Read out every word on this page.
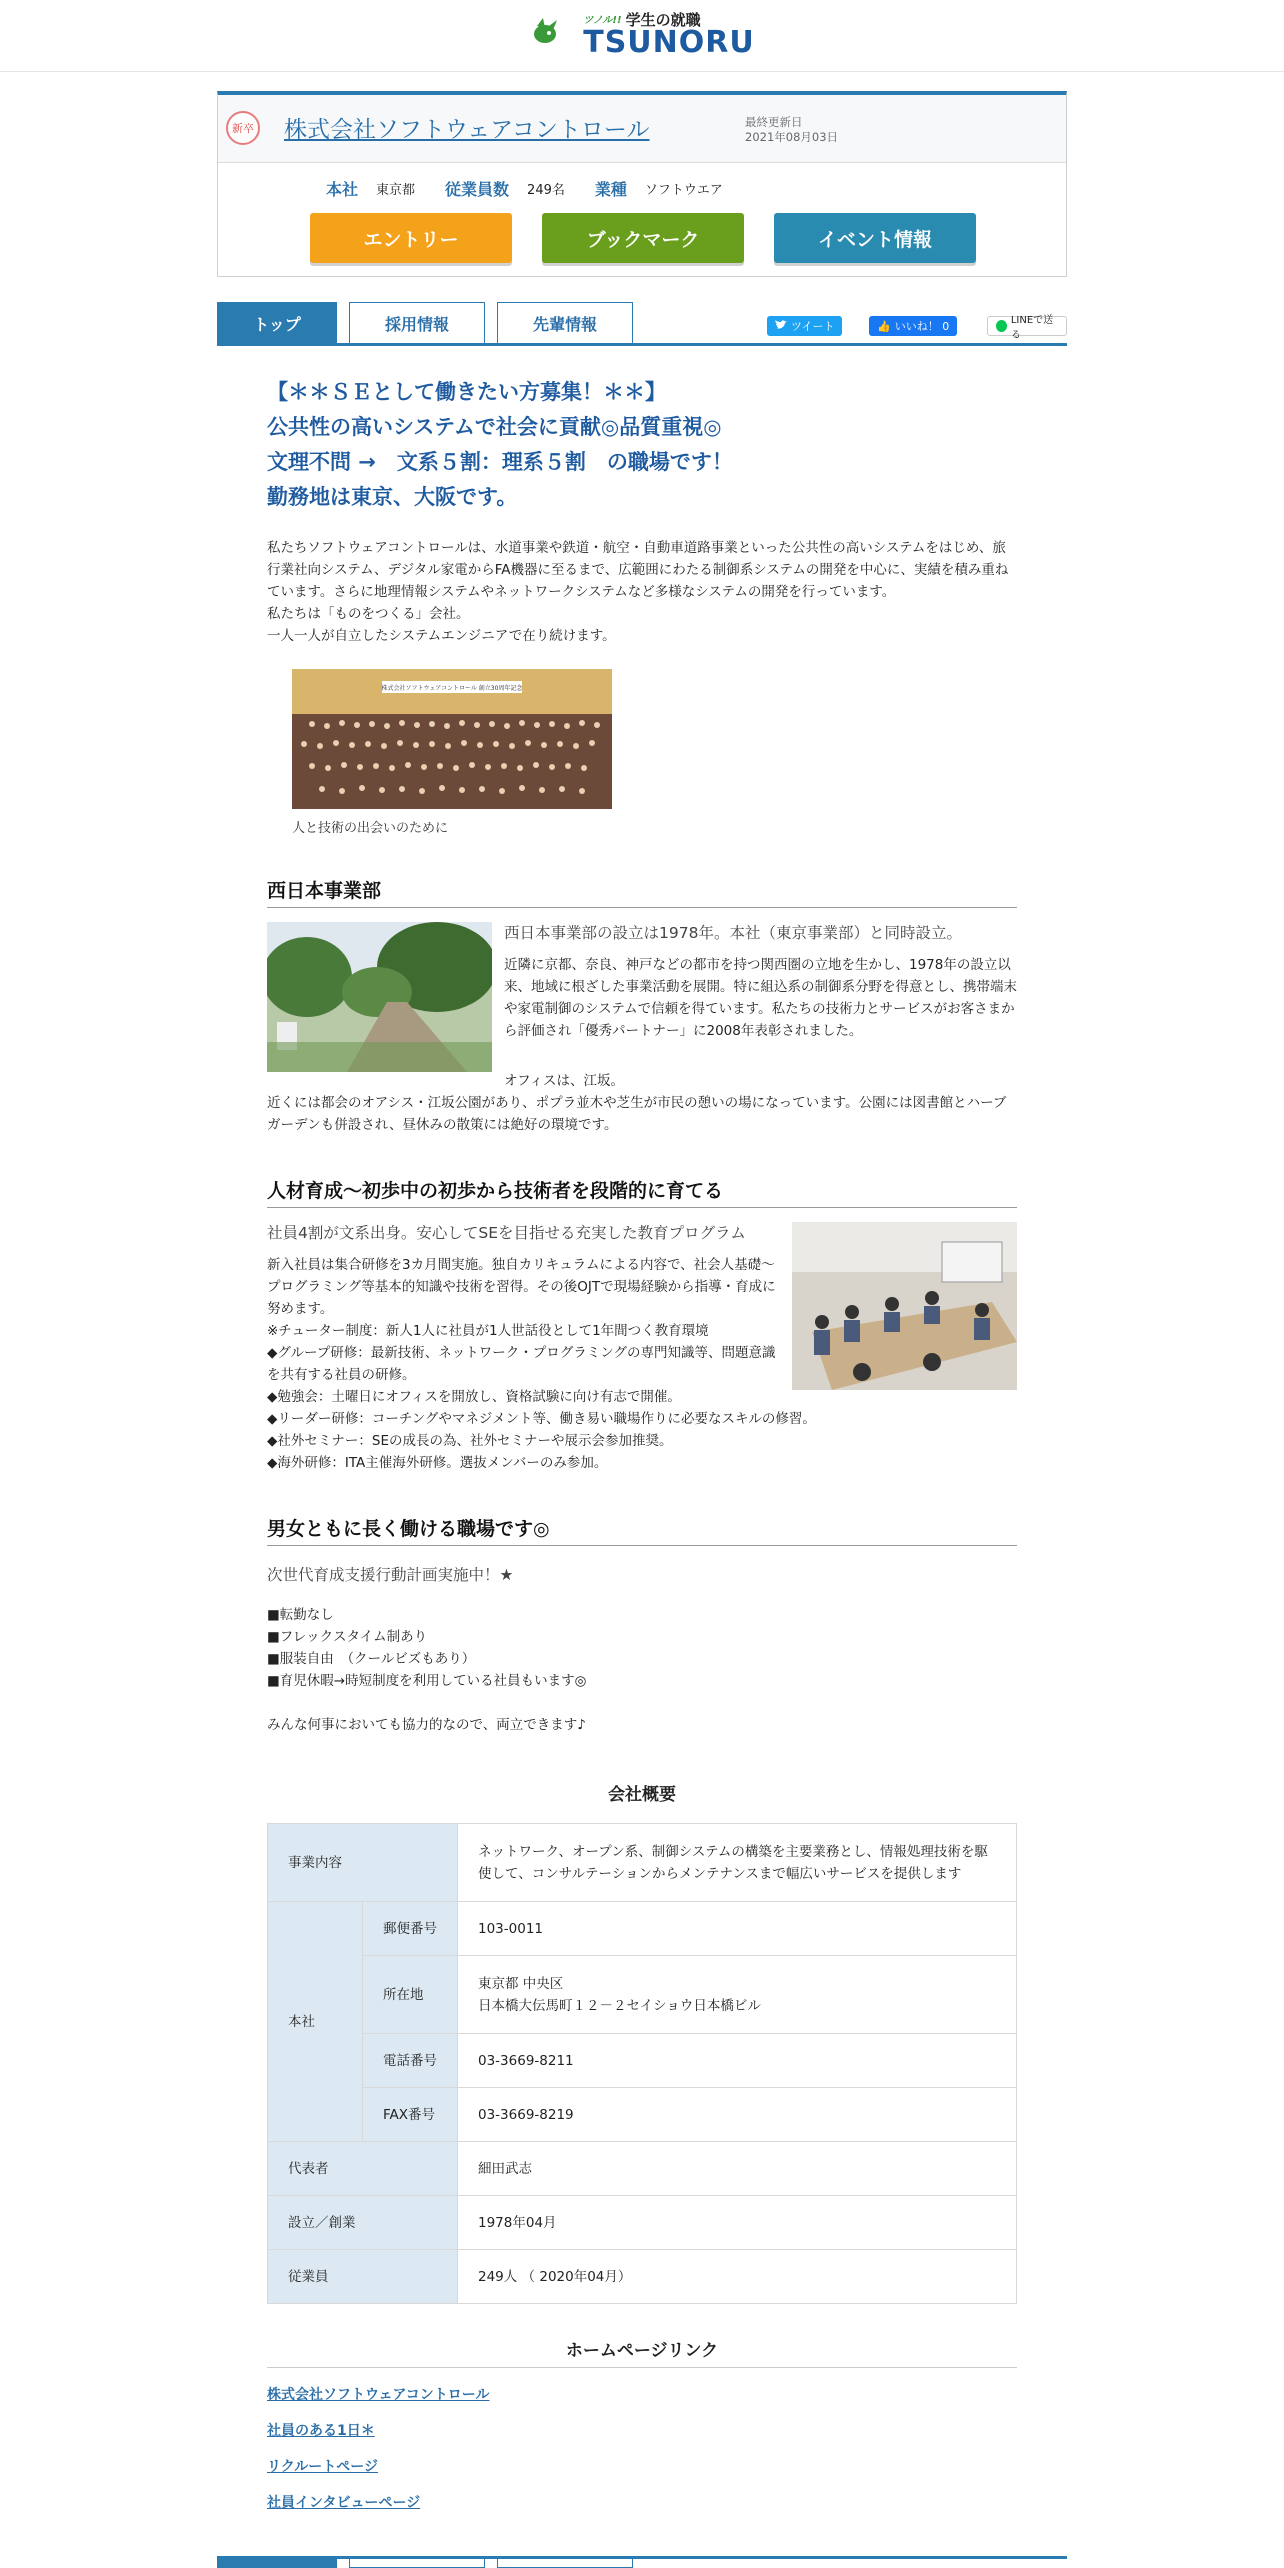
ツノル!! 学生の就職
TSUNORU
新卒 株式会社ソフトウェアコントロール	最終更新日
2021年08月03日
本社 東京都 従業員数 249名 業種 ソフトウエア
エントリー	ブックマーク	イベント情報
トップ	採用情報	先輩情報	ツイート	👍 いいね！ 0	LINEで送る
【＊＊ＳＥとして働きたい方募集！＊＊】
公共性の高いシステムで社会に貢献◎品質重視◎
文理不問 →　文系５割：理系５割　の職場です！
勤務地は東京、大阪です。
私たちソフトウェアコントロールは、水道事業や鉄道・航空・自動車道路事業といった公共性の高いシステムをはじめ、旅行業社向システム、デジタル家電からFA機器に至るまで、広範囲にわたる制御系システムの開発を中心に、実績を積み重ねています。さらに地理情報システムやネットワークシステムなど多様なシステムの開発を行っています。
私たちは「ものをつくる」会社。
一人一人が自立したシステムエンジニアで在り続けます。
株式会社ソフトウェアコントロール 創立30周年記念
人と技術の出会いのために
西日本事業部
西日本事業部の設立は1978年。本社（東京事業部）と同時設立。
近隣に京都、奈良、神戸などの都市を持つ関西圏の立地を生かし、1978年の設立以来、地域に根ざした事業活動を展開。特に組込系の制御系分野を得意とし、携帯端末や家電制御のシステムで信頼を得ています。私たちの技術力とサービスがお客さまから評価され「優秀パートナー」に2008年表彰されました。
オフィスは、江坂。
近くには都会のオアシス・江坂公園があり、ポプラ並木や芝生が市民の憩いの場になっています。公園には図書館とハーブガーデンも併設され、昼休みの散策には絶好の環境です。
人材育成～初歩中の初歩から技術者を段階的に育てる
社員4割が文系出身。安心してSEを目指せる充実した教育プログラム
新入社員は集合研修を3カ月間実施。独自カリキュラムによる内容で、社会人基礎～プログラミング等基本的知識や技術を習得。その後OJTで現場経験から指導・育成に努めます。
※チューター制度：新人1人に社員が1人世話役として1年間つく教育環境
◆グループ研修：最新技術、ネットワーク・プログラミングの専門知識等、問題意識を共有する社員の研修。
◆勉強会：土曜日にオフィスを開放し、資格試験に向け有志で開催。
◆リーダー研修：コーチングやマネジメント等、働き易い職場作りに必要なスキルの修習。
◆社外セミナー：SEの成長の為、社外セミナーや展示会参加推奨。
◆海外研修：ITA主催海外研修。選抜メンバーのみ参加。
男女ともに長く働ける職場です◎
次世代育成支援行動計画実施中！★
■転勤なし
■フレックスタイム制あり
■服装自由　（クールビズもあり）
■育児休暇→時短制度を利用している社員もいます◎
みんな何事においても協力的なので、両立できます♪
会社概要
事業内容		ネットワーク、オープン系、制御システムの構築を主要業務とし、情報処理技術を駆使して、コンサルテーションからメンテナンスまで幅広いサービスを提供します
本社	郵便番号	103-0011
	所在地	東京都 中央区
日本橋大伝馬町１２－２セイショウ日本橋ビル

	電話番号	03-3669-8211
	FAX番号	03-3669-8219
代表者		細田武志
設立／創業		1978年04月
従業員		249人 （ 2020年04月）
ホームページリンク
株式会社ソフトウェアコントロール
社員のある1日＊
リクルートページ
社員インタビューページ
